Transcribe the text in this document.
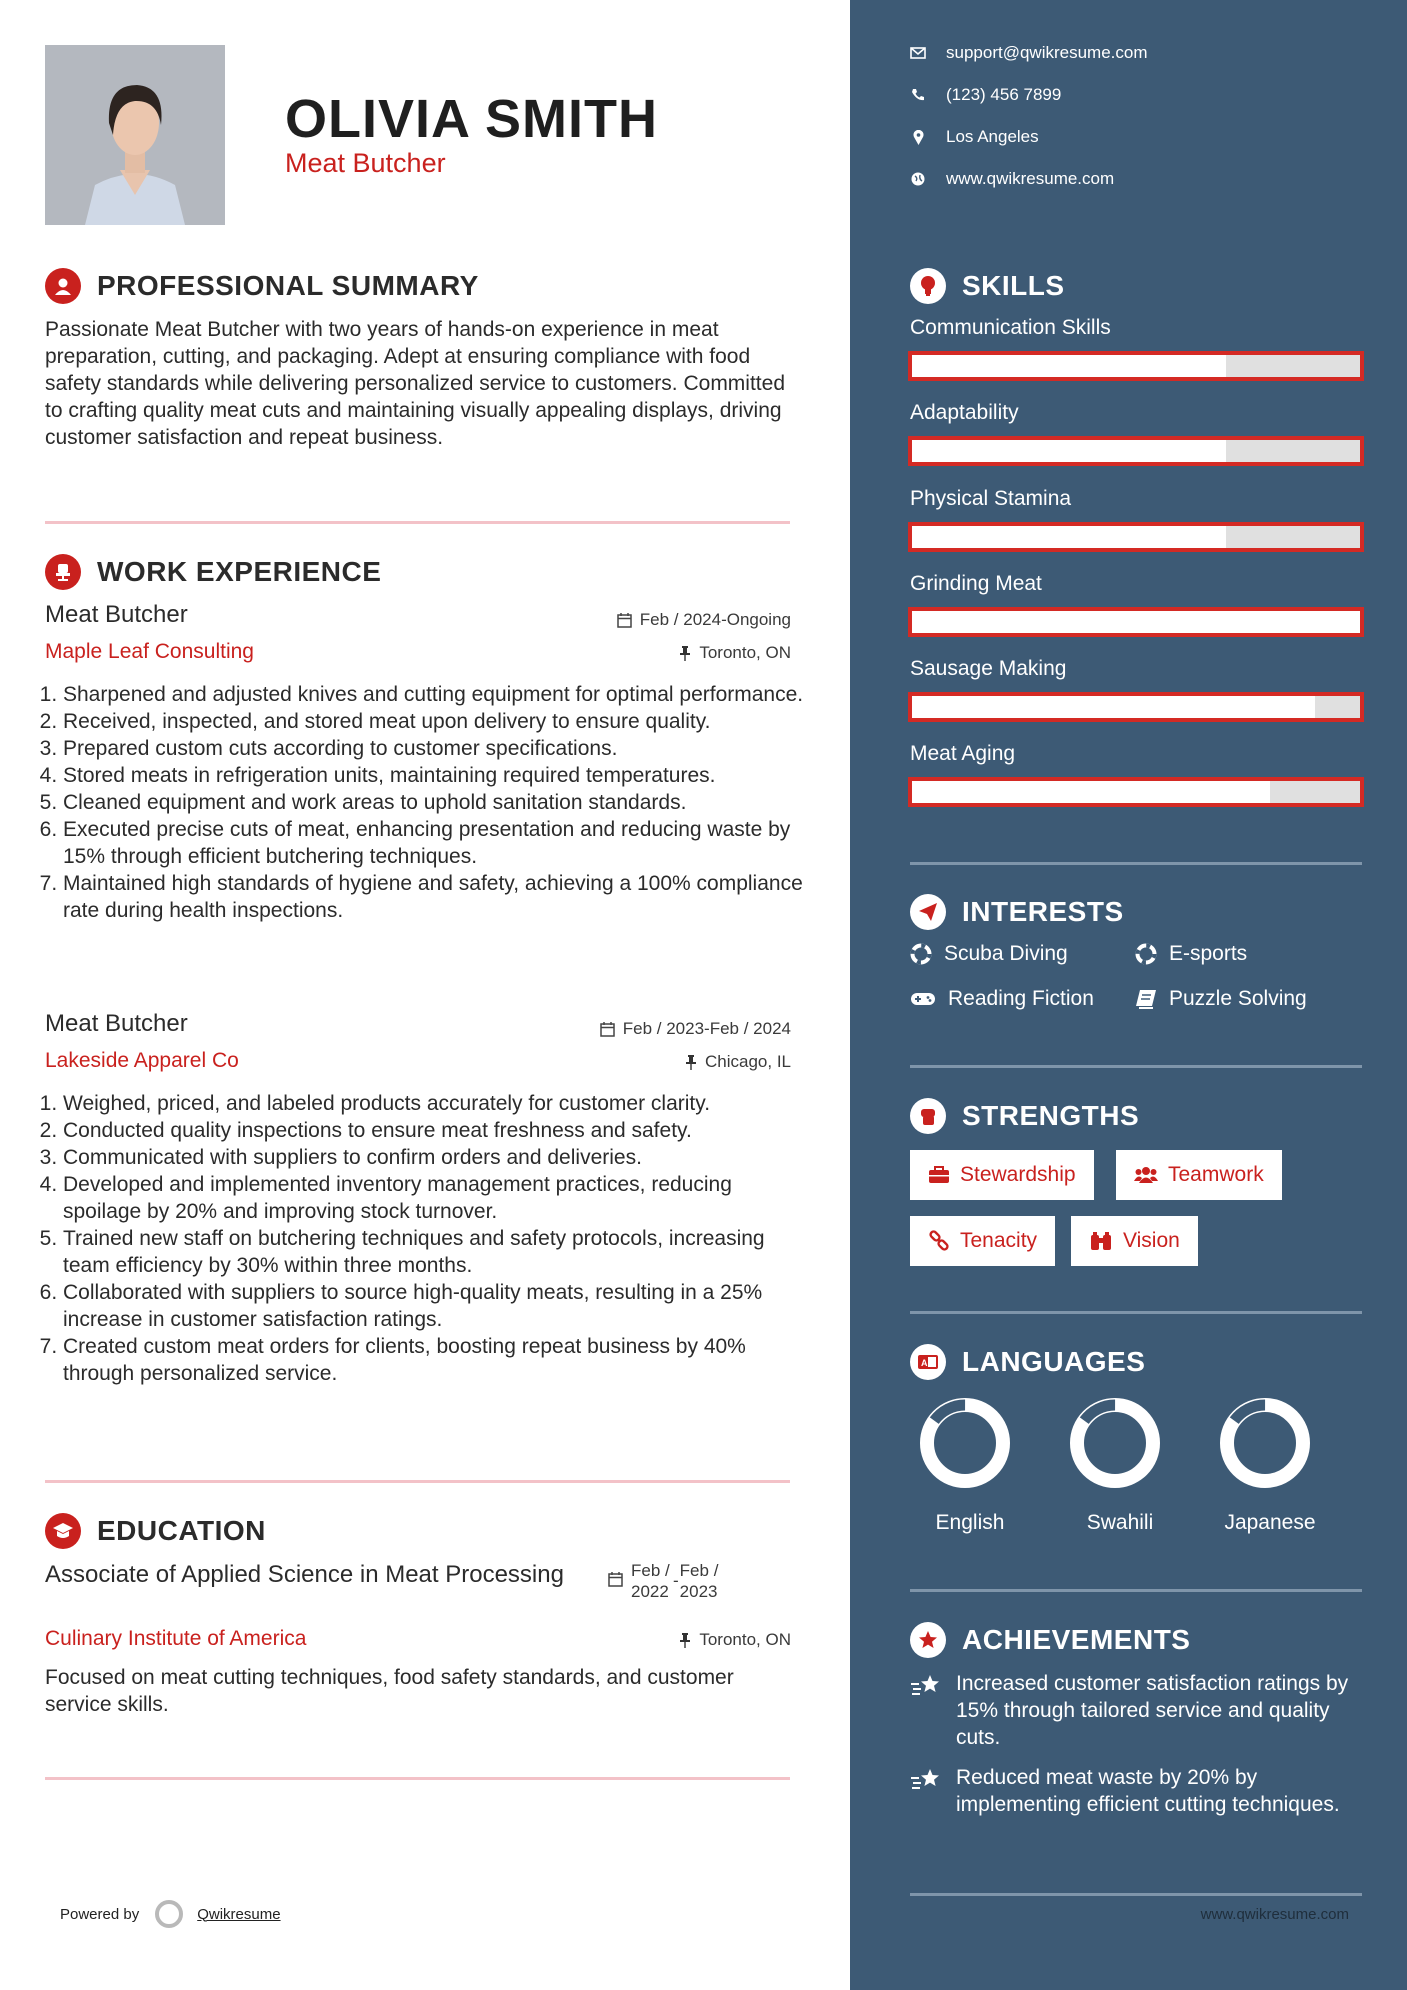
OLIVIA SMITH
Meat Butcher
PROFESSIONAL SUMMARY

Passionate Meat Butcher with two years of hands-on experience in meat preparation, cutting, and packaging. Adept at ensuring compliance with food safety standards while delivering personalized service to customers. Committed to crafting quality meat cuts and maintaining visually appealing displays, driving customer satisfaction and repeat business.

WORK EXPERIENCE
Meat Butcher	Feb / 2024-Ongoing
Maple Leaf Consulting	Toronto, ON
1. Sharpened and adjusted knives and cutting equipment for optimal performance.
2. Received, inspected, and stored meat upon delivery to ensure quality.
3. Prepared custom cuts according to customer specifications.
4. Stored meats in refrigeration units, maintaining required temperatures.
5. Cleaned equipment and work areas to uphold sanitation standards.
6. Executed precise cuts of meat, enhancing presentation and reducing waste by 15% through efficient butchering techniques.
7. Maintained high standards of hygiene and safety, achieving a 100% compliance rate during health inspections.
Meat Butcher	Feb / 2023-Feb / 2024
Lakeside Apparel Co	Chicago, IL
1. Weighed, priced, and labeled products accurately for customer clarity.
2. Conducted quality inspections to ensure meat freshness and safety.
3. Communicated with suppliers to confirm orders and deliveries.
4. Developed and implemented inventory management practices, reducing spoilage by 20% and improving stock turnover.
5. Trained new staff on butchering techniques and safety protocols, increasing team efficiency by 30% within three months.
6. Collaborated with suppliers to source high-quality meats, resulting in a 25% increase in customer satisfaction ratings.
7. Created custom meat orders for clients, boosting repeat business by 40% through personalized service.
EDUCATION
Associate of Applied Science in Meat Processing	Feb /
2022
-
Feb /
2023
Culinary Institute of America	Toronto, ON

Focused on meat cutting techniques, food safety standards, and customer service skills.

Powered by	Qwikresume
support@qwikresume.com
(123) 456 7899
Los Angeles
www.qwikresume.com
SKILLS
Communication Skills
Adaptability
Physical Stamina
Grinding Meat
Sausage Making
Meat Aging
INTERESTS
Scuba Diving	E-sports
Reading Fiction	Puzzle Solving
STRENGTHS
Stewardship	Teamwork
Tenacity	Vision
A LANGUAGES
English	Swahili	Japanese
ACHIEVEMENTS
Increased customer satisfaction ratings by 15% through tailored service and quality cuts.
Reduced meat waste by 20% by implementing efficient cutting techniques.
www.qwikresume.com
